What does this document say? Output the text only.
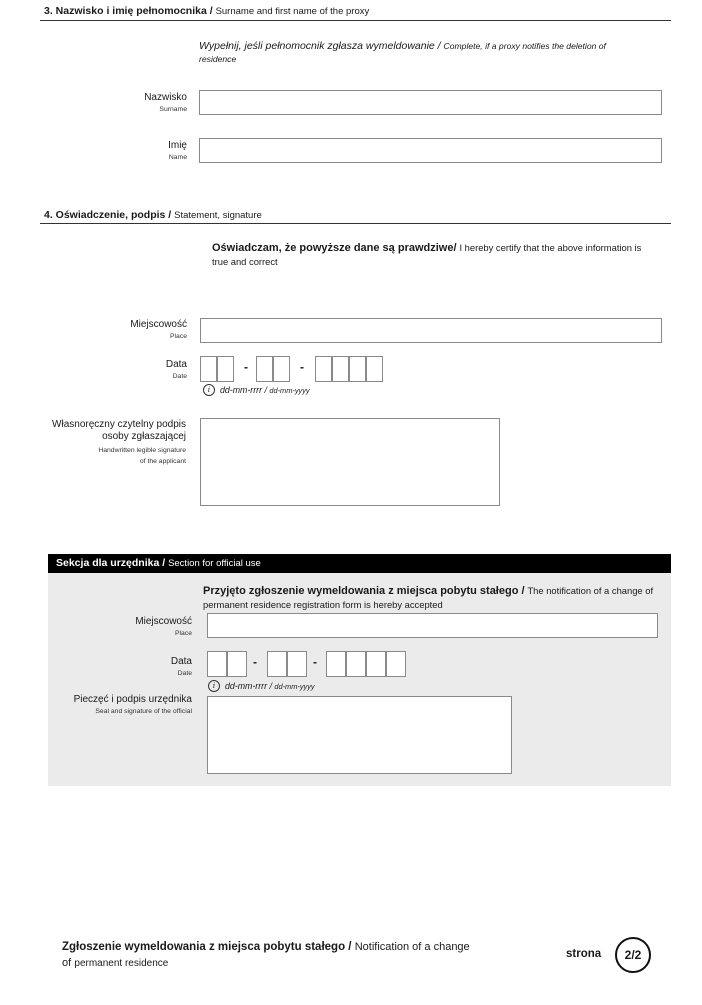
3. Nazwisko i imię pełnomocnika / Surname and first name of the proxy
Wypełnij, jeśli pełnomocnik zgłasza wymeldowanie / Complete, if a proxy notifies the deletion of residence
Nazwisko
Surname
Imię
Name
4. Oświadczenie, podpis / Statement, signature
Oświadczam, że powyższe dane są prawdziwe/ I hereby certify that the above information is true and correct
Miejscowość
Place
Data
Date
-	-
i	dd-mm-rrrr / dd-mm-yyyy
Własnoręczny czytelny podpis
osoby zgłaszającej
Handwritten legible signature
of the applicant
Sekcja dla urzędnika / Section for official use
Przyjęto zgłoszenie wymeldowania z miejsca pobytu stałego / The notification of a change of permanent residence registration form is hereby accepted
Miejscowość
Place
Data
Date
-	-
i	dd-mm-rrrr / dd-mm-yyyy
Pieczęć i podpis urzędnika
Seal and signature of the official
Zgłoszenie wymeldowania z miejsca pobytu stałego / Notification of a change
of permanent residence
strona	2/2
